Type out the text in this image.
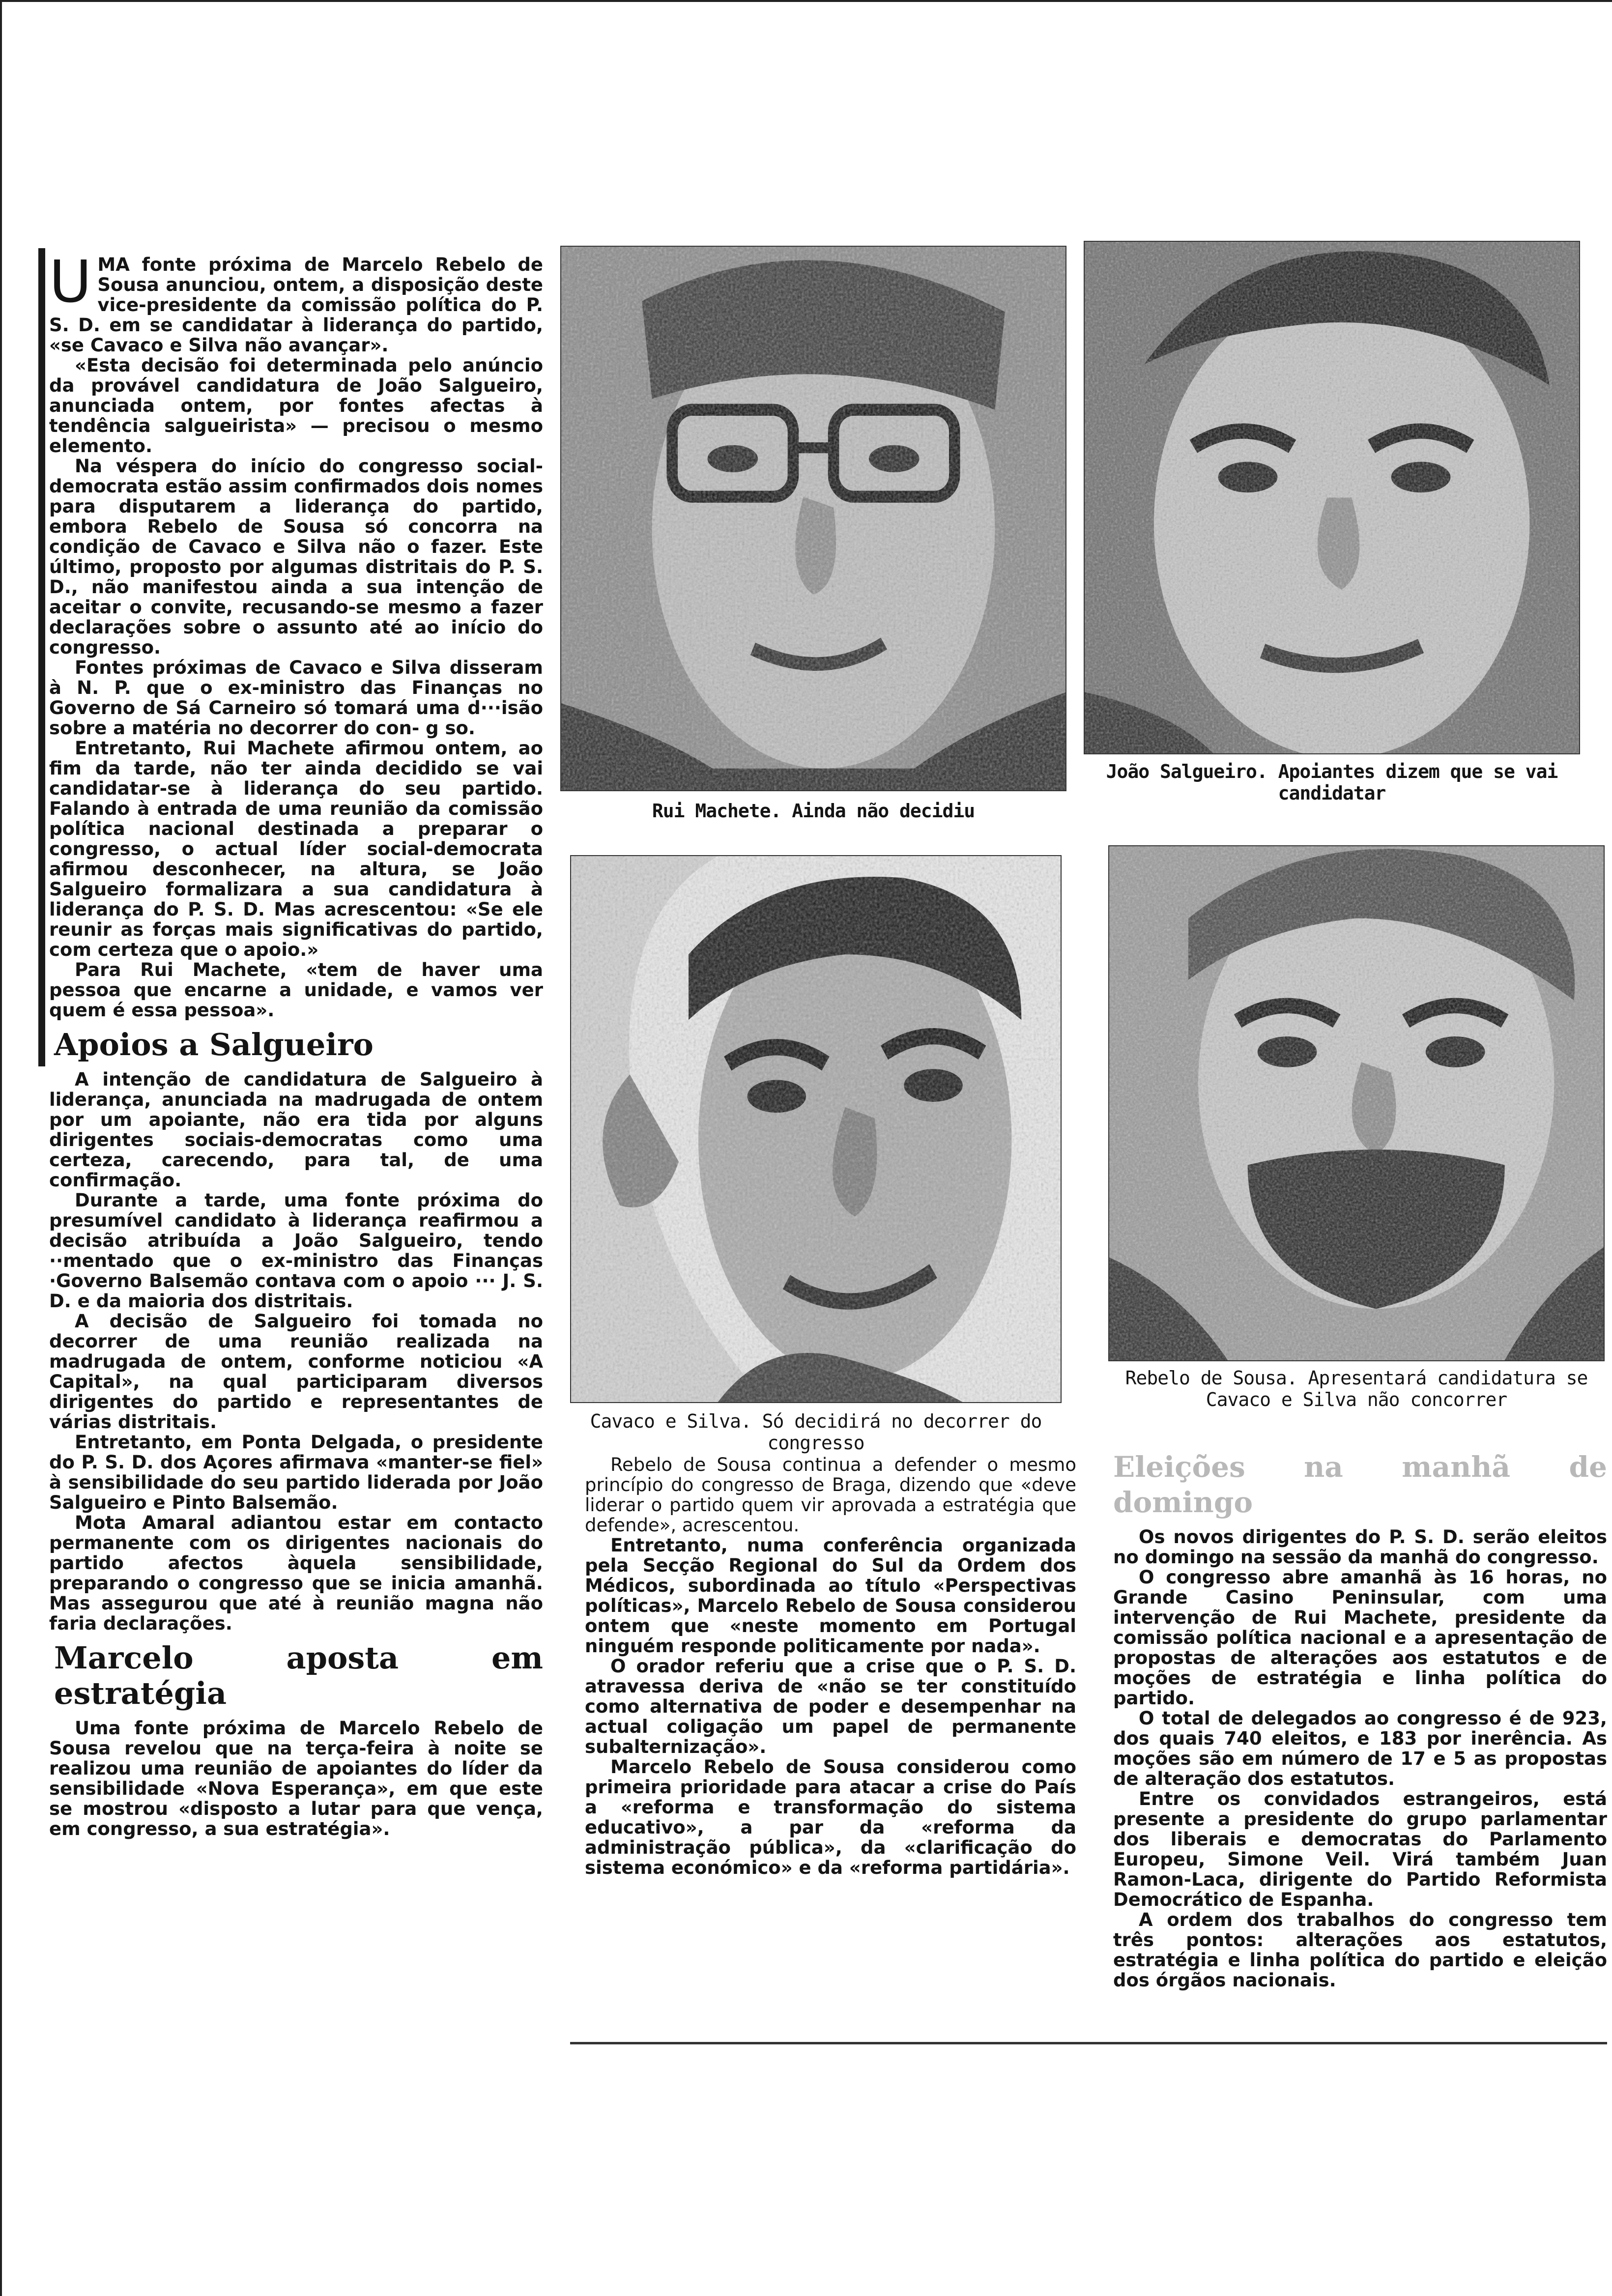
UMA fonte próxima de Marcelo Rebelo de Sousa anunciou, ontem, a disposição deste vice-presidente da comissão política do P. S. D. em se candidatar à liderança do partido, «se Cavaco e Silva não avançar».

«Esta decisão foi determinada pelo anúncio da provável candidatura de João Salgueiro, anunciada ontem, por fontes afectas à tendência salgueirista» — precisou o mesmo elemento.

Na véspera do início do congresso social-democrata estão assim confirmados dois nomes para disputarem a liderança do partido, embora Rebelo de Sousa só concorra na condição de Cavaco e Silva não o fazer. Este último, proposto por algumas distritais do P. S. D., não manifestou ainda a sua intenção de aceitar o convite, recusando-se mesmo a fazer declarações sobre o assunto até ao início do congresso.

Fontes próximas de Cavaco e Silva disseram à N. P. que o ex-ministro das Finanças no Governo de Sá Carneiro só tomará uma d···isão sobre a matéria no decorrer do con- g so.

Entretanto, Rui Machete afirmou ontem, ao fim da tarde, não ter ainda decidido se vai candidatar-se à liderança do seu partido. Falando à entrada de uma reunião da comissão política nacional destinada a preparar o congresso, o actual líder social-democrata afirmou desconhecer, na altura, se João Salgueiro formalizara a sua candidatura à liderança do P. S. D. Mas acrescentou: «Se ele reunir as forças mais significativas do partido, com certeza que o apoio.»

Para Rui Machete, «tem de haver uma pessoa que encarne a unidade, e vamos ver quem é essa pessoa».

Apoios a Salgueiro

A intenção de candidatura de Salgueiro à liderança, anunciada na madrugada de ontem por um apoiante, não era tida por alguns dirigentes sociais-democratas como uma certeza, carecendo, para tal, de uma confirmação.

Durante a tarde, uma fonte próxima do presumível candidato à liderança reafirmou a decisão atribuída a João Salgueiro, tendo ··mentado que o ex-ministro das Finanças ·Governo Balsemão contava com o apoio ··· J. S. D. e da maioria dos distritais.

A decisão de Salgueiro foi tomada no decorrer de uma reunião realizada na madrugada de ontem, conforme noticiou «A Capital», na qual participaram diversos dirigentes do partido e representantes de várias distritais.

Entretanto, em Ponta Delgada, o presidente do P. S. D. dos Açores afirmava «manter-se fiel» à sensibilidade do seu partido liderada por João Salgueiro e Pinto Balsemão.

Mota Amaral adiantou estar em contacto permanente com os dirigentes nacionais do partido afectos àquela sensibilidade, preparando o congresso que se inicia amanhã. Mas assegurou que até à reunião magna não faria declarações.

Marcelo aposta em estratégia

Uma fonte próxima de Marcelo Rebelo de Sousa revelou que na terça-feira à noite se realizou uma reunião de apoiantes do líder da sensibilidade «Nova Esperança», em que este se mostrou «disposto a lutar para que vença, em congresso, a sua estratégia».

Rui Machete. Ainda não decidiu
João Salgueiro. Apoiantes dizem que se vai candidatar
Cavaco e Silva. Só decidirá no decorrer do congresso
Rebelo de Sousa. Apresentará candidatura se Cavaco e Silva não concorrer

Rebelo de Sousa continua a defender o mesmo princípio do congresso de Braga, dizendo que «deve liderar o partido quem vir aprovada a estratégia que defende», acrescentou.

Entretanto, numa conferência organizada pela Secção Regional do Sul da Ordem dos Médicos, subordinada ao título «Perspectivas políticas», Marcelo Rebelo de Sousa considerou ontem que «neste momento em Portugal ninguém responde politicamente por nada».

O orador referiu que a crise que o P. S. D. atravessa deriva de «não se ter constituído como alternativa de poder e desempenhar na actual coligação um papel de permanente subalternização».

Marcelo Rebelo de Sousa considerou como primeira prioridade para atacar a crise do País a «reforma e transformação do sistema educativo», a par da «reforma da administração pública», da «clarificação do sistema económico» e da «reforma partidária».

Eleições na manhã de domingo

Os novos dirigentes do P. S. D. serão eleitos no domingo na sessão da manhã do congresso.

O congresso abre amanhã às 16 horas, no Grande Casino Peninsular, com uma intervenção de Rui Machete, presidente da comissão política nacional e a apresentação de propostas de alterações aos estatutos e de moções de estratégia e linha política do partido.

O total de delegados ao congresso é de 923, dos quais 740 eleitos, e 183 por inerência. As moções são em número de 17 e 5 as propostas de alteração dos estatutos.

Entre os convidados estrangeiros, está presente a presidente do grupo parlamentar dos liberais e democratas do Parlamento Europeu, Simone Veil. Virá também Juan Ramon-Laca, dirigente do Partido Reformista Democrático de Espanha.

A ordem dos trabalhos do congresso tem três pontos: alterações aos estatutos, estratégia e linha política do partido e eleição dos órgãos nacionais.
